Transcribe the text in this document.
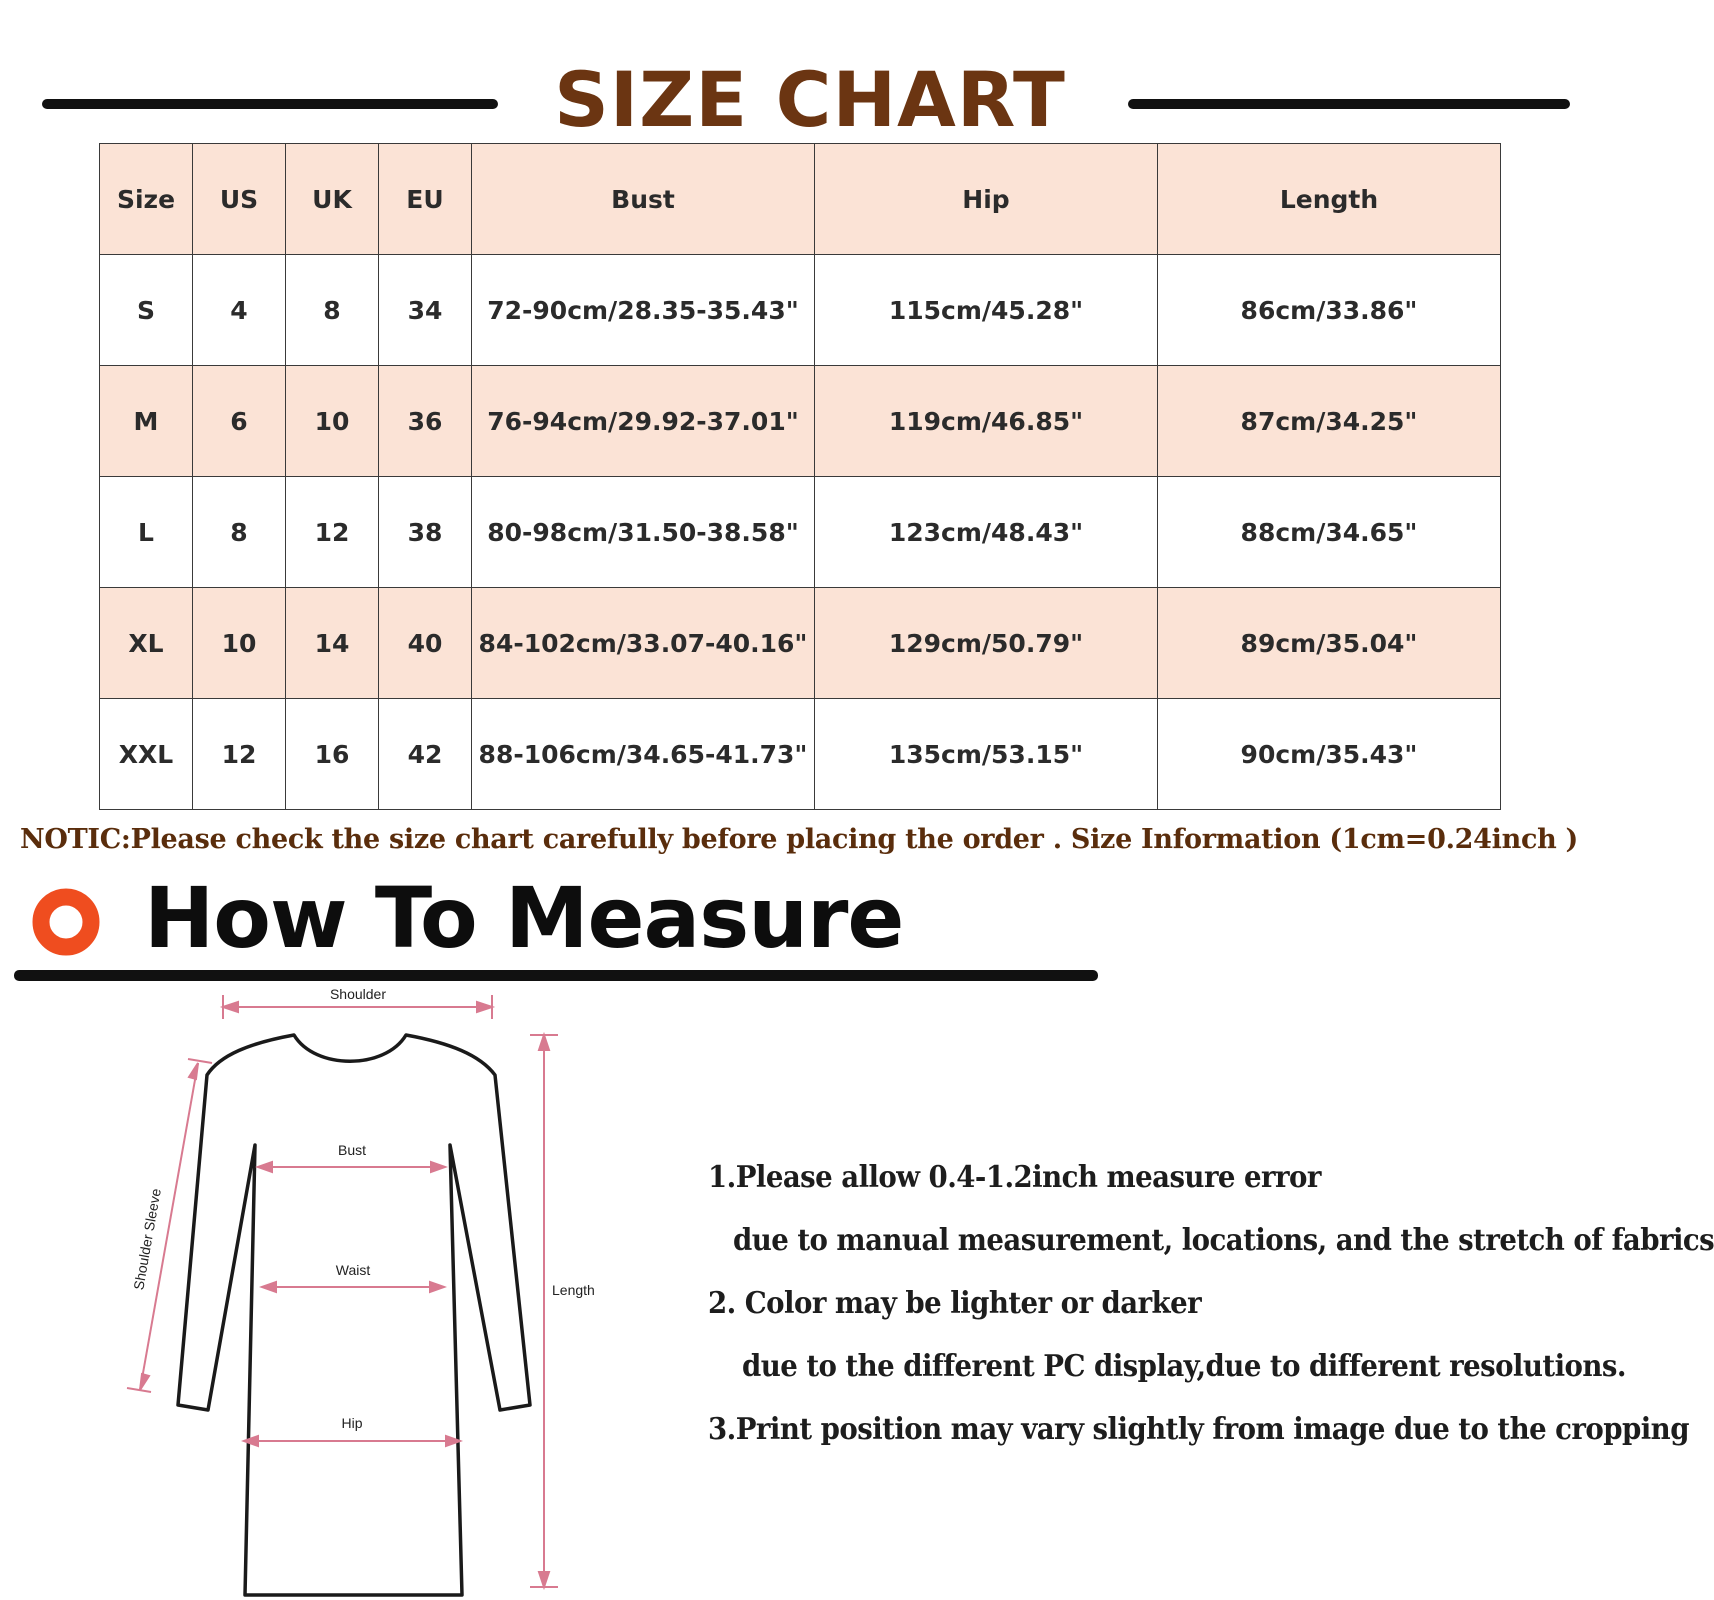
SIZE CHART
Size	US	UK	EU	Bust	Hip	Length
S	4	8	34	72-90cm/28.35-35.43"	115cm/45.28"	86cm/33.86"
M	6	10	36	76-94cm/29.92-37.01"	119cm/46.85"	87cm/34.25"
L	8	12	38	80-98cm/31.50-38.58"	123cm/48.43"	88cm/34.65"
XL	10	14	40	84-102cm/33.07-40.16"	129cm/50.79"	89cm/35.04"
XXL	12	16	42	88-106cm/34.65-41.73"	135cm/53.15"	90cm/35.43"
NOTIC:Please check the size chart carefully before placing the order . Size Information (1cm=0.24inch )
How To Measure
Shoulder
Shoulder Sleeve
Bust
Waist
Hip
Length
1.Please allow 0.4-1.2inch measure error
due to manual measurement, locations, and the stretch of fabrics
2. Color may be lighter or darker
due to the different PC display,due to different resolutions.
3.Print position may vary slightly from image due to the cropping
